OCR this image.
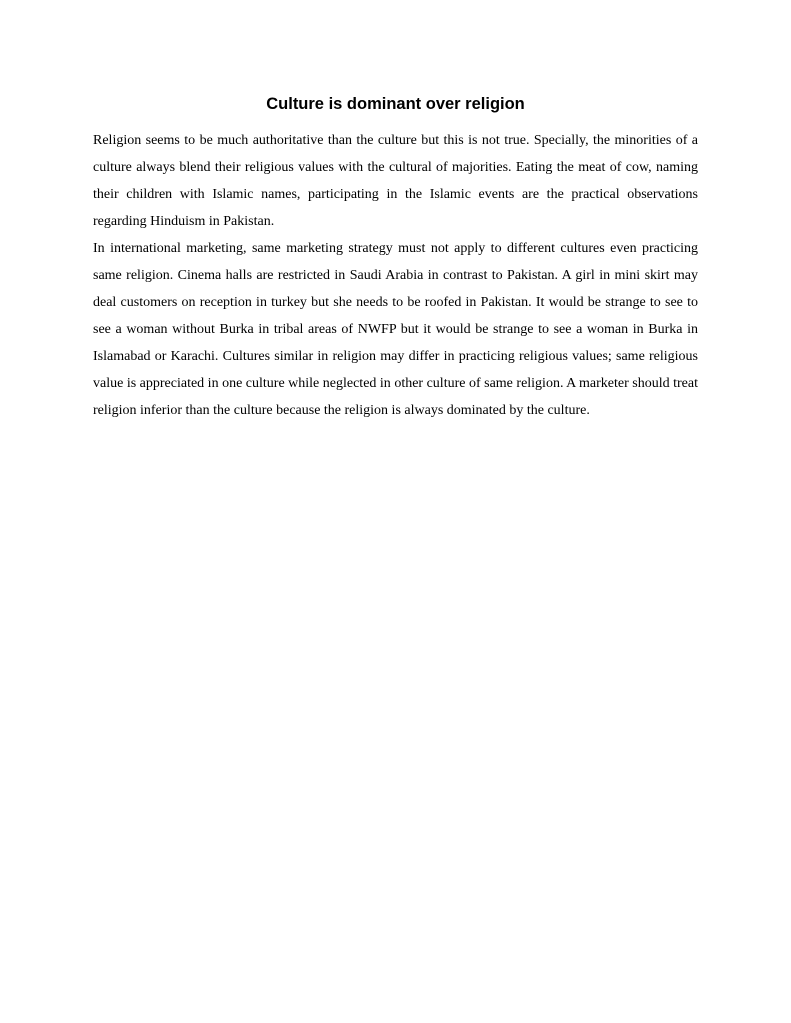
Culture is dominant over religion

Religion seems to be much authoritative than the culture but this is not true. Specially, the minorities of a culture always blend their religious values with the cultural of majorities. Eating the meat of cow, naming their children with Islamic names, participating in the Islamic events are the practical observations regarding Hinduism in Pakistan.

In international marketing, same marketing strategy must not apply to different cultures even practicing same religion. Cinema halls are restricted in Saudi Arabia in contrast to Pakistan. A girl in mini skirt may deal customers on reception in turkey but she needs to be roofed in Pakistan. It would be strange to see to see a woman without Burka in tribal areas of NWFP but it would be strange to see a woman in Burka in Islamabad or Karachi. Cultures similar in religion may differ in practicing religious values; same religious value is appreciated in one culture while neglected in other culture of same religion. A marketer should treat religion inferior than the culture because the religion is always dominated by the culture.
